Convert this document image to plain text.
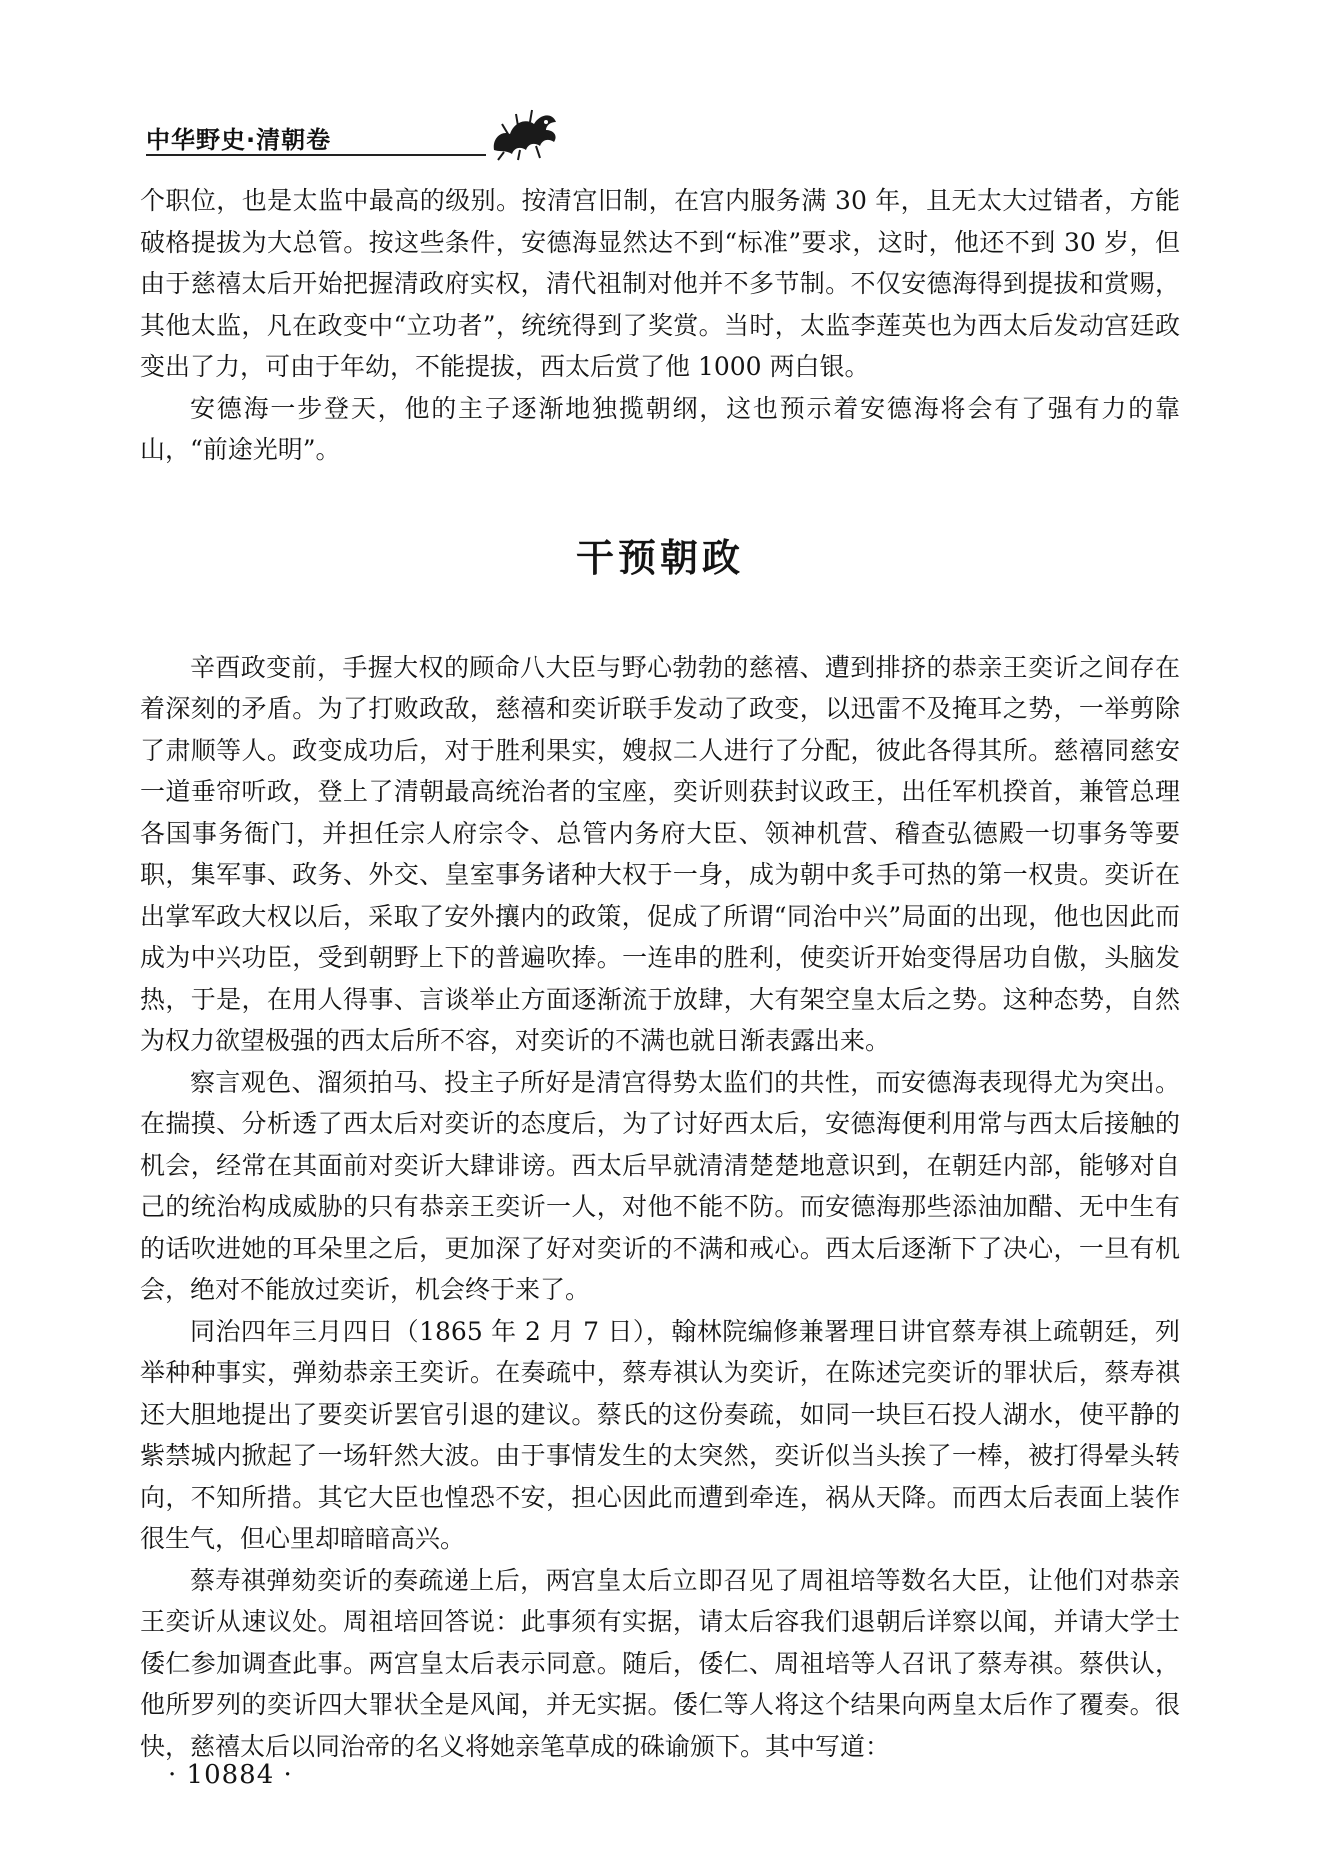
中华野史·清朝卷

个职位，也是太监中最高的级别。按清宫旧制，在宫内服务满 30 年，且无太大过错者，方能破格提拔为大总管。按这些条件，安德海显然达不到“标准”要求，这时，他还不到 30 岁，但由于慈禧太后开始把握清政府实权，清代祖制对他并不多节制。不仅安德海得到提拔和赏赐，其他太监，凡在政变中“立功者”，统统得到了奖赏。当时，太监李莲英也为西太后发动宫廷政变出了力，可由于年幼，不能提拔，西太后赏了他 1000 两白银。

安德海一步登天，他的主子逐渐地独揽朝纲，这也预示着安德海将会有了强有力的靠山，“前途光明”。

干预朝政

辛酉政变前，手握大权的顾命八大臣与野心勃勃的慈禧、遭到排挤的恭亲王奕䜣之间存在着深刻的矛盾。为了打败政敌，慈禧和奕䜣联手发动了政变，以迅雷不及掩耳之势，一举剪除了肃顺等人。政变成功后，对于胜利果实，嫂叔二人进行了分配，彼此各得其所。慈禧同慈安一道垂帘听政，登上了清朝最高统治者的宝座，奕䜣则获封议政王，出任军机揆首，兼管总理各国事务衙门，并担任宗人府宗令、总管内务府大臣、领神机营、稽查弘德殿一切事务等要职，集军事、政务、外交、皇室事务诸种大权于一身，成为朝中炙手可热的第一权贵。奕䜣在出掌军政大权以后，采取了安外攘内的政策，促成了所谓“同治中兴”局面的出现，他也因此而成为中兴功臣，受到朝野上下的普遍吹捧。一连串的胜利，使奕䜣开始变得居功自傲，头脑发热，于是，在用人得事、言谈举止方面逐渐流于放肆，大有架空皇太后之势。这种态势，自然为权力欲望极强的西太后所不容，对奕䜣的不满也就日渐表露出来。

察言观色、溜须拍马、投主子所好是清宫得势太监们的共性，而安德海表现得尤为突出。在揣摸、分析透了西太后对奕䜣的态度后，为了讨好西太后，安德海便利用常与西太后接触的机会，经常在其面前对奕䜣大肆诽谤。西太后早就清清楚楚地意识到，在朝廷内部，能够对自己的统治构成威胁的只有恭亲王奕䜣一人，对他不能不防。而安德海那些添油加醋、无中生有的话吹进她的耳朵里之后，更加深了好对奕䜣的不满和戒心。西太后逐渐下了决心，一旦有机会，绝对不能放过奕䜣，机会终于来了。

同治四年三月四日（1865 年 2 月 7 日），翰林院编修兼署理日讲官蔡寿祺上疏朝廷，列举种种事实，弹劾恭亲王奕䜣。在奏疏中，蔡寿祺认为奕䜣，在陈述完奕䜣的罪状后，蔡寿祺还大胆地提出了要奕䜣罢官引退的建议。蔡氏的这份奏疏，如同一块巨石投人湖水，使平静的紫禁城内掀起了一场轩然大波。由于事情发生的太突然，奕䜣似当头挨了一棒，被打得晕头转向，不知所措。其它大臣也惶恐不安，担心因此而遭到牵连，祸从天降。而西太后表面上装作很生气，但心里却暗暗高兴。

蔡寿祺弹劾奕䜣的奏疏递上后，两宫皇太后立即召见了周祖培等数名大臣，让他们对恭亲王奕䜣从速议处。周祖培回答说：此事须有实据，请太后容我们退朝后详察以闻，并请大学士倭仁参加调查此事。两宫皇太后表示同意。随后，倭仁、周祖培等人召讯了蔡寿祺。蔡供认，他所罗列的奕䜣四大罪状全是风闻，并无实据。倭仁等人将这个结果向两皇太后作了覆奏。很快，慈禧太后以同治帝的名义将她亲笔草成的硃谕颁下。其中写道：

· 10884 ·
